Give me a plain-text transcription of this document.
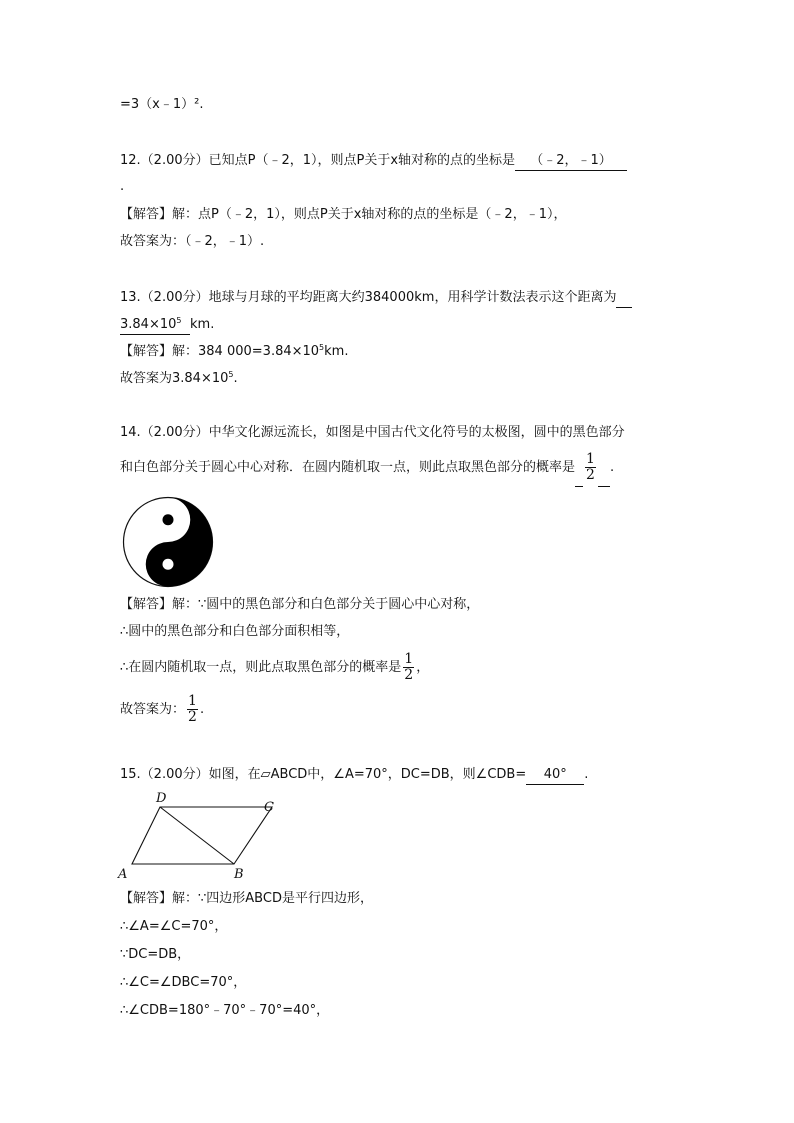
=3（x﹣1）².
12.（2.00分）已知点P（﹣2，1），则点P关于x轴对称的点的坐标是 （﹣2，﹣1）
.
【解答】解：点P（﹣2，1），则点P关于x轴对称的点的坐标是（﹣2，﹣1），
故答案为：（﹣2，﹣1）.
13.（2.00分）地球与月球的平均距离大约384000km，用科学计数法表示这个距离为
$3.84\times 10^5$ km.
【解答】解：384 $000=3.84\times 10^5km$.
故答案为$3.84\times 10^5$.
14.（2.00分）中华文化源远流长，如图是中国古代文化符号的太极图，圆中的黑色部分
和白色部分关于圆心中心对称．在圆内随机取一点，则此点取黑色部分的概率是 $\frac{1}{2}$ .
【解答】解：∵圆中的黑色部分和白色部分关于圆心中心对称，
∴圆中的黑色部分和白色部分面积相等，
∴在圆内随机取一点，则此点取黑色部分的概率是 $\frac{1}{2}$ ，
故答案为： $\frac{1}{2}$ .
15.（2.00分）如图，在▱ABCD中，∠A=70°，DC=DB，则∠CDB= 40° .
D
C
A	B
【解答】解：∵四边形ABCD是平行四边形，
∴∠A=∠C=70°，
∵DC=DB，
∴∠C=∠DBC=70°，
∴∠CDB=180°﹣70°﹣70°=40°，
